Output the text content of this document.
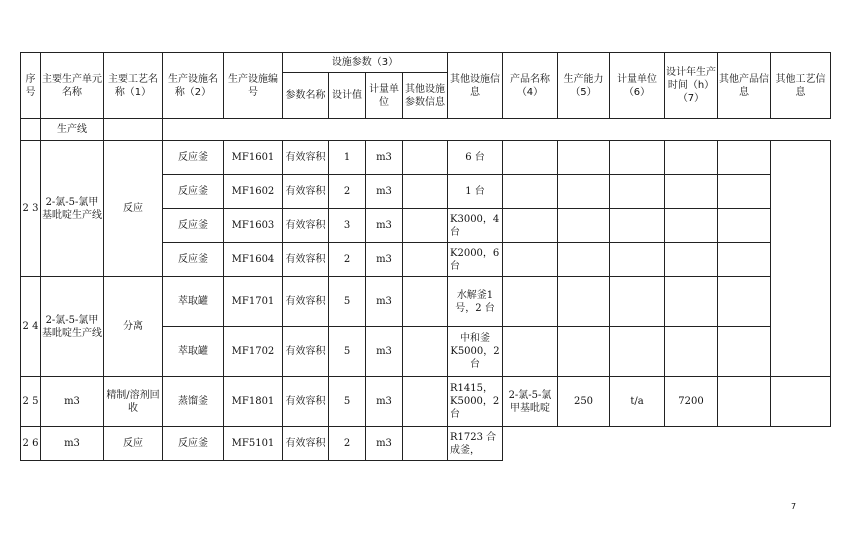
序号	主要生产单元名称	主要工艺名称（1）	生产设施名称（2）	生产设施编号	设施参数（3）				其他设施信息	产品名称（4）	生产能力（5）	计量单位（6）	设计年生产时间（h）（7）	其他产品信息	其他工艺信息
					参数名称	设计值	计量单位	其他设施参数信息							
	生产线														
2 3	2-氯-5-氯甲基吡啶生产线	反应	反应釜	MF1601	有效容积	1	m3		6 台						
			反应釜	MF1602	有效容积	2	m3		1 台						
			反应釜	MF1603	有效容积	3	m3		K3000，4 台						
			反应釜	MF1604	有效容积	2	m3		K2000，6 台						
2 4	2-氯-5-氯甲基吡啶生产线	分离	萃取罐	MF1701	有效容积	5	m3		水解釜1 号，2 台						
			萃取罐	MF1702	有效容积	5	m3		中和釜K5000，2 台						
2 5	m3	精制/溶剂回收	蒸馏釜	MF1801	有效容积	5	m3		R1415，K5000，2 台	2-氯-5-氯甲基吡啶	250	t/a	7200		
2 6	m3	反应	反应釜	MF5101	有效容积	2	m3		R1723 合成釜，						
7
